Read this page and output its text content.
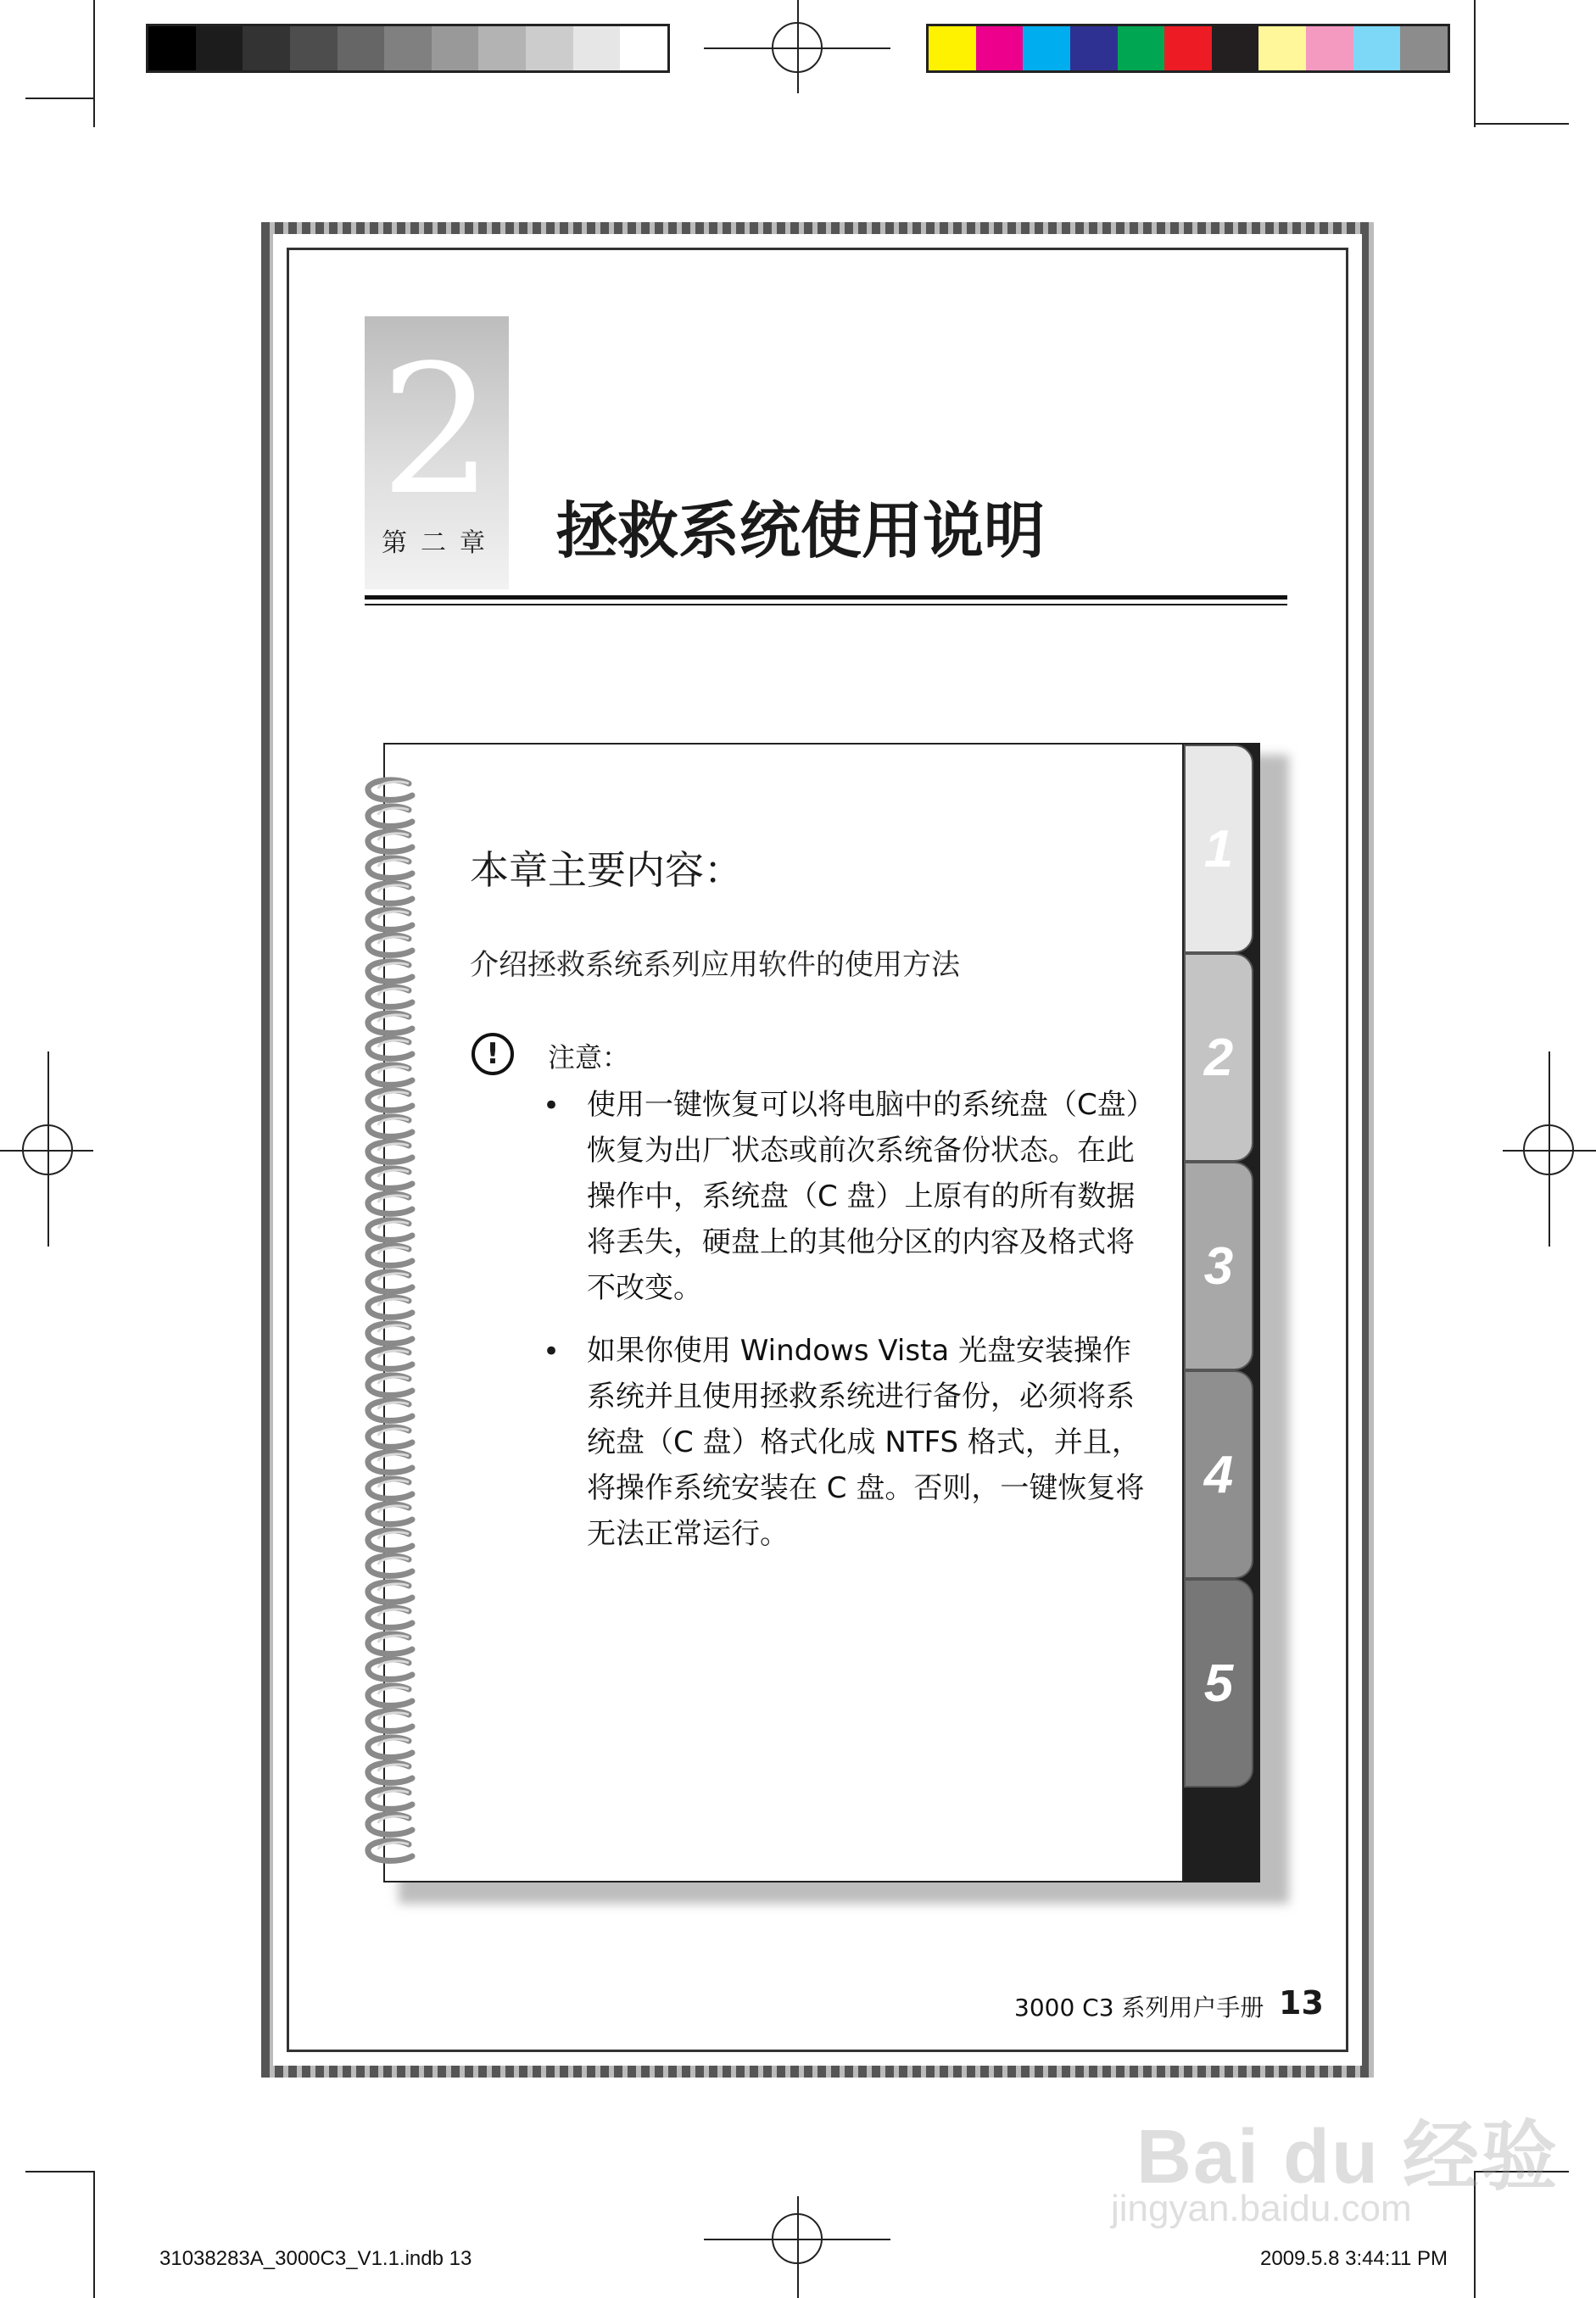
2
第二章 拯救系统使用说明
1
2
3
4
5
本章主要内容：
介绍拯救系统系列应用软件的使用方法
!	注意：
• 使用一键恢复可以将电脑中的系统盘（C盘）恢复为出厂状态或前次系统备份状态。在此操作中，系统盘（C 盘）上原有的所有数据将丢失，硬盘上的其他分区的内容及格式将不改变。
• 如果你使用 Windows Vista 光盘安装操作系统并且使用拯救系统进行备份，必须将系统盘（C 盘）格式化成 NTFS 格式，并且，将操作系统安装在 C 盘。否则，一键恢复将无法正常运行。
3000 C3 系列用户手册 13
Bai du 经验
jingyan.baidu.com
31038283A_3000C3_V1.1.indb 13	2009.5.8 3:44:11 PM
